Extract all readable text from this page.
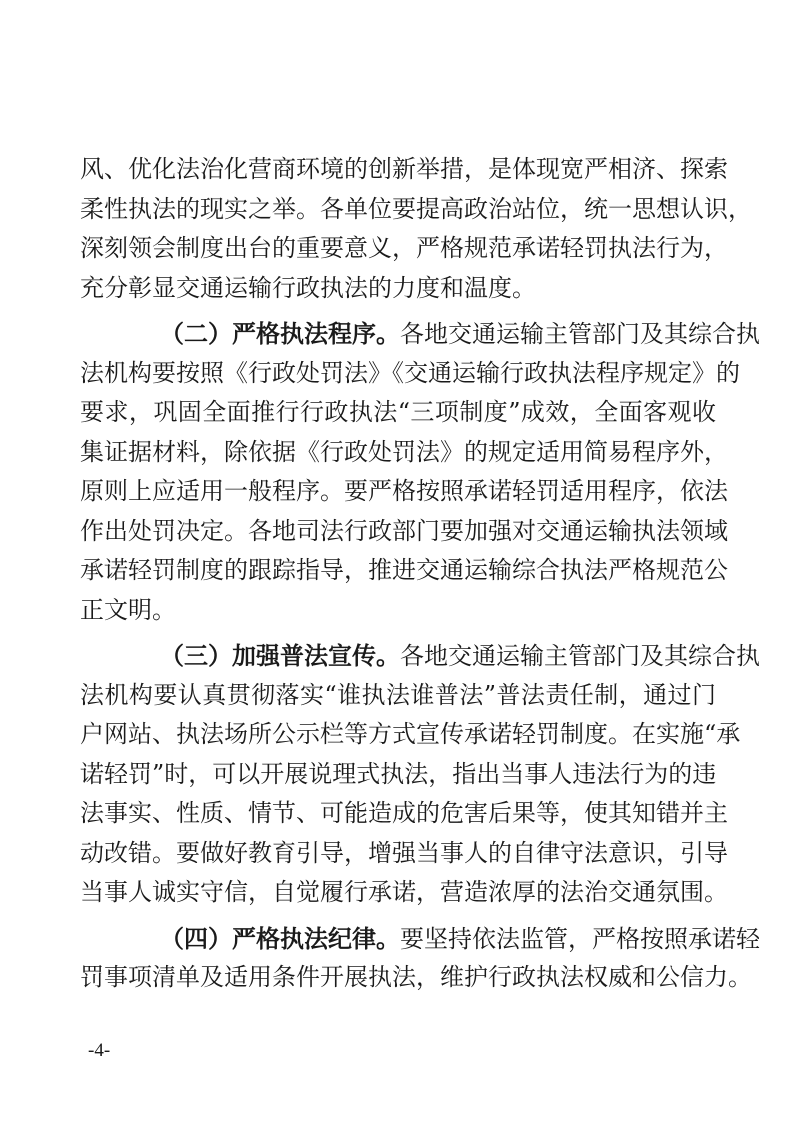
风、优化法治化营商环境的创新举措，是体现宽严相济、探索
柔性执法的现实之举。各单位要提高政治站位，统一思想认识，
深刻领会制度出台的重要意义，严格规范承诺轻罚执法行为，
充分彰显交通运输行政执法的力度和温度。
（二）严格执法程序。各地交通运输主管部门及其综合执
法机构要按照《行政处罚法》《交通运输行政执法程序规定》的
要求，巩固全面推行行政执法“三项制度”成效，全面客观收
集证据材料，除依据《行政处罚法》的规定适用简易程序外，
原则上应适用一般程序。要严格按照承诺轻罚适用程序，依法
作出处罚决定。各地司法行政部门要加强对交通运输执法领域
承诺轻罚制度的跟踪指导，推进交通运输综合执法严格规范公
正文明。
（三）加强普法宣传。各地交通运输主管部门及其综合执
法机构要认真贯彻落实“谁执法谁普法”普法责任制，通过门
户网站、执法场所公示栏等方式宣传承诺轻罚制度。在实施“承
诺轻罚”时，可以开展说理式执法，指出当事人违法行为的违
法事实、性质、情节、可能造成的危害后果等，使其知错并主
动改错。要做好教育引导，增强当事人的自律守法意识，引导
当事人诚实守信，自觉履行承诺，营造浓厚的法治交通氛围。
（四）严格执法纪律。要坚持依法监管，严格按照承诺轻
罚事项清单及适用条件开展执法，维护行政执法权威和公信力。
-4-
